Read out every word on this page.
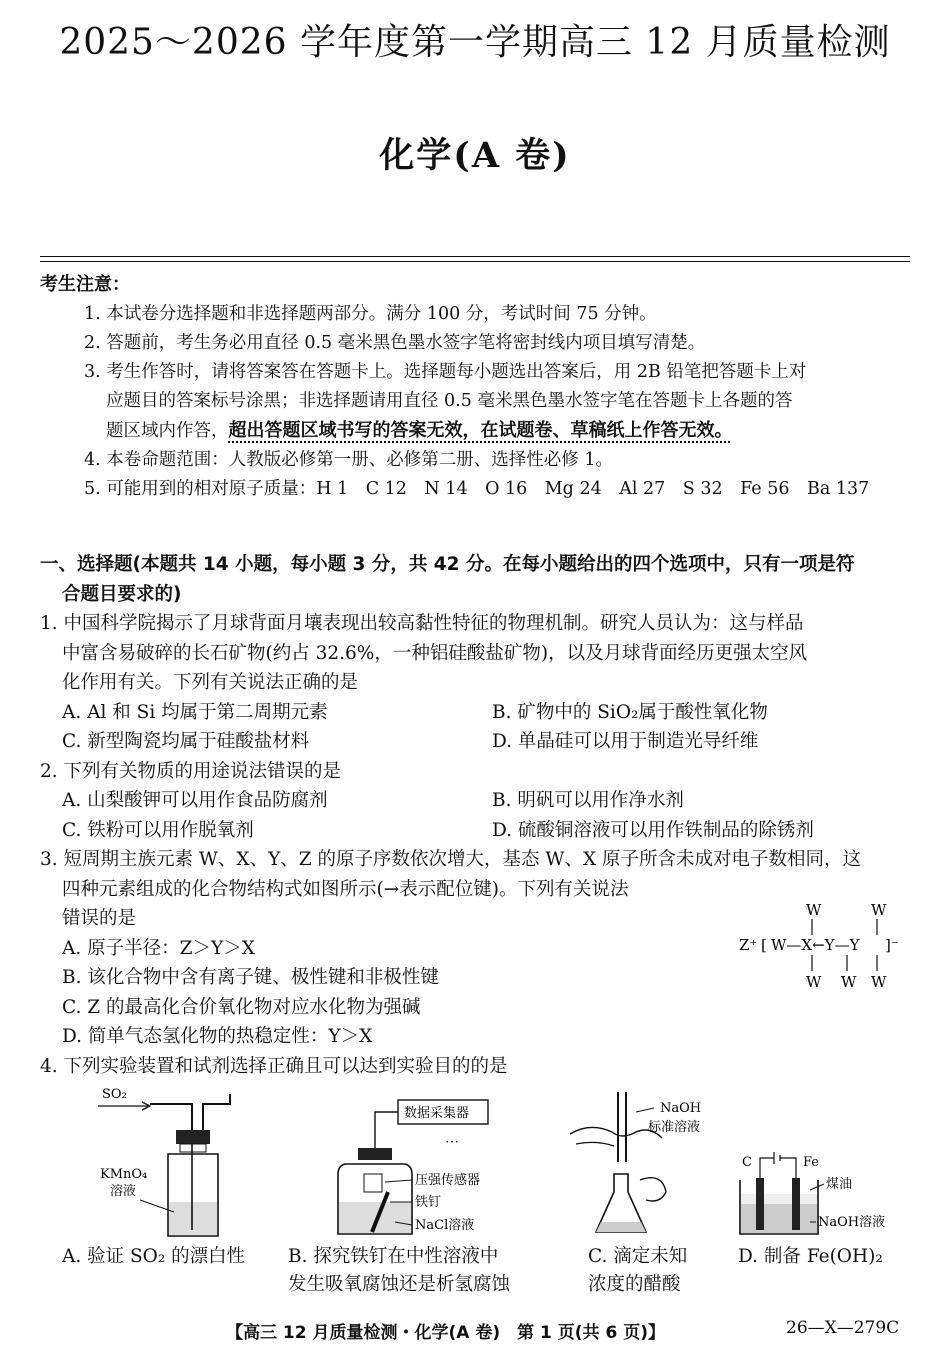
2025～2026 学年度第一学期高三 12 月质量检测
化学(A 卷)
考生注意：
1. 本试卷分选择题和非选择题两部分。满分 100 分，考试时间 75 分钟。
2. 答题前，考生务必用直径 0.5 毫米黑色墨水签字笔将密封线内项目填写清楚。
3. 考生作答时，请将答案答在答题卡上。选择题每小题选出答案后，用 2B 铅笔把答题卡上对
应题目的答案标号涂黑；非选择题请用直径 0.5 毫米黑色墨水签字笔在答题卡上各题的答
题区域内作答，超出答题区域书写的答案无效，在试题卷、草稿纸上作答无效。
4. 本卷命题范围：人教版必修第一册、必修第二册、选择性必修 1。
5. 可能用到的相对原子质量：H 1　C 12　N 14　O 16　Mg 24　Al 27　S 32　Fe 56　Ba 137
一、选择题(本题共 14 小题，每小题 3 分，共 42 分。在每小题给出的四个选项中，只有一项是符
合题目要求的)
1. 中国科学院揭示了月球背面月壤表现出较高黏性特征的物理机制。研究人员认为：这与样品
中富含易破碎的长石矿物(约占 32.6%，一种铝硅酸盐矿物)，以及月球背面经历更强太空风
化作用有关。下列有关说法正确的是
A. Al 和 Si 均属于第二周期元素	B. 矿物中的 SiO₂属于酸性氧化物
C. 新型陶瓷均属于硅酸盐材料	D. 单晶硅可以用于制造光导纤维
2. 下列有关物质的用途说法错误的是
A. 山梨酸钾可以用作食品防腐剂	B. 明矾可以用作净水剂
C. 铁粉可以用作脱氧剂	D. 硫酸铜溶液可以用作铁制品的除锈剂
3. 短周期主族元素 W、X、Y、Z 的原子序数依次增大，基态 W、X 原子所含未成对电子数相同，这
四种元素组成的化合物结构式如图所示(→表示配位键)。下列有关说法
错误的是
A. 原子半径：Z＞Y＞X
B. 该化合物中含有离子键、极性键和非极性键
C. Z 的最高化合价氧化物对应水化物为强碱
D. 简单气态氢化物的热稳定性：Y＞X
4. 下列实验装置和试剂选择正确且可以达到实验目的的是
W	W
Z⁺ [ W—X←Y—Y ]⁻
W W W
SO₂
KMnO₄
溶液
数据采集器
⋯
压强传感器
铁钉
NaCl溶液
NaOH
标准溶液
C	Fe
煤油
NaOH溶液
A. 验证 SO₂ 的漂白性 B. 探究铁钉在中性溶液中
发生吸氧腐蚀还是析氢腐蚀
C. 滴定未知
浓度的醋酸
D. 制备 Fe(OH)₂
【高三 12 月质量检测・化学(A 卷)　第 1 页(共 6 页)】	26—X—279C
